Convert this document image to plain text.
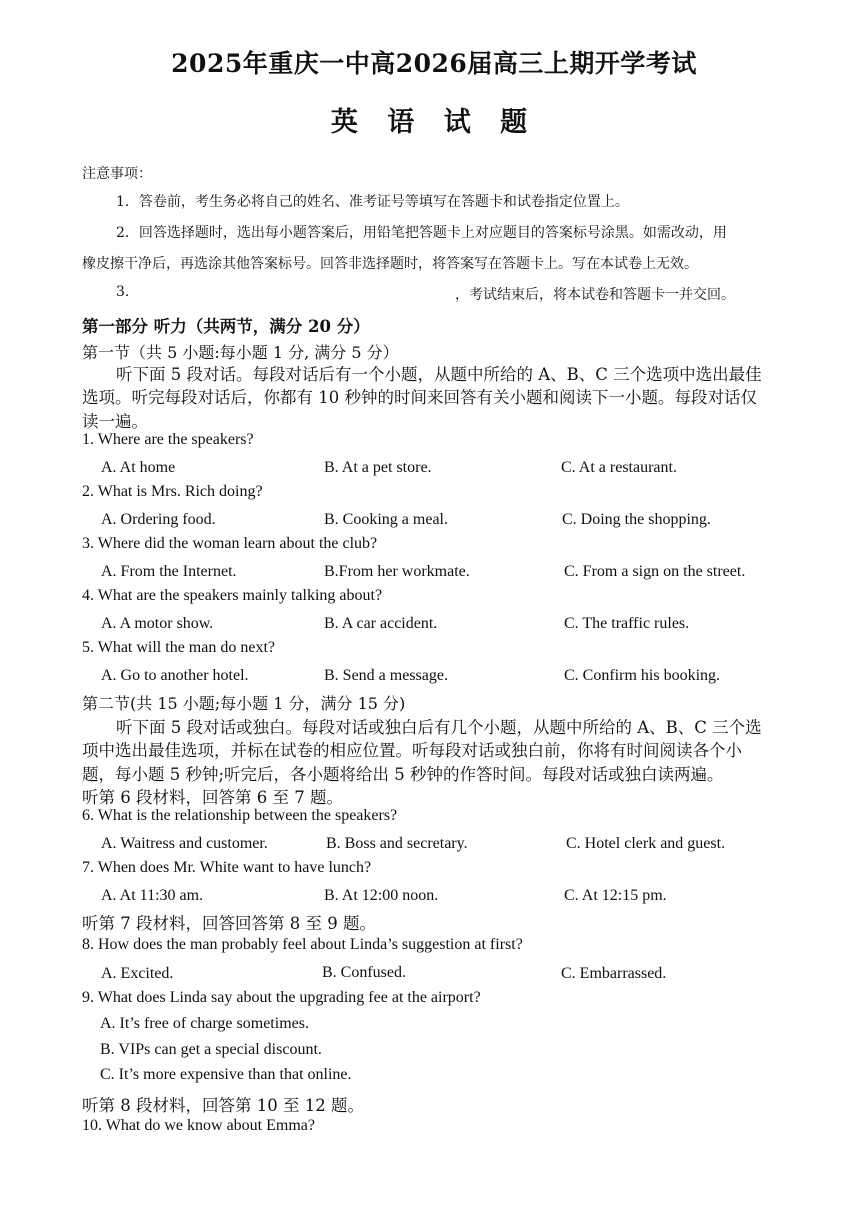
2025年重庆一中高2026届高三上期开学考试
英 语 试 题
注意事项：
1．答卷前，考生务必将自己的姓名、准考证号等填写在答题卡和试卷指定位置上。
2．回答选择题时，选出每小题答案后，用铅笔把答题卡上对应题目的答案标号涂黑。如需改动，用
橡皮擦干净后，再选涂其他答案标号。回答非选择题时，将答案写在答题卡上。写在本试卷上无效。
3.	，考试结束后，将本试卷和答题卡一并交回。
第一部分 听力（共两节，满分 20 分）
第一节（共 5 小题:每小题 1 分, 满分 5 分）
听下面 5 段对话。每段对话后有一个小题，从题中所给的 A、B、C 三个选项中选出最佳
选项。听完每段对话后，你都有 10 秒钟的时间来回答有关小题和阅读下一小题。每段对话仅
读一遍。
1. Where are the speakers?
A. At home	B. At a pet store.	C. At a restaurant.
2. What is Mrs. Rich doing?
A. Ordering food.	B. Cooking a meal.	C. Doing the shopping.
3. Where did the woman learn about the club?
A. From the Internet.	B.From her workmate.	C. From a sign on the street.
4. What are the speakers mainly talking about?
A. A motor show.	B. A car accident.	C. The traffic rules.
5. What will the man do next?
A. Go to another hotel.	B. Send a message.	C. Confirm his booking.
第二节(共 15 小题;每小题 1 分，满分 15 分)
听下面 5 段对话或独白。每段对话或独白后有几个小题，从题中所给的 A、B、C 三个选
项中选出最佳选项，并标在试卷的相应位置。听每段对话或独白前，你将有时间阅读各个小
题，每小题 5 秒钟;听完后，各小题将给出 5 秒钟的作答时间。每段对话或独白读两遍。
听第 6 段材料，回答第 6 至 7 题。
6. What is the relationship between the speakers?
A. Waitress and customer.	B. Boss and secretary.	C. Hotel clerk and guest.
7. When does Mr. White want to have lunch?
A. At 11:30 am.	B. At 12:00 noon.	C. At 12:15 pm.
听第 7 段材料，回答回答第 8 至 9 题。
8. How does the man probably feel about Linda’s suggestion at first?
A. Excited.	B. Confused.	C. Embarrassed.
9. What does Linda say about the upgrading fee at the airport?
A. It’s free of charge sometimes.
B. VIPs can get a special discount.
C. It’s more expensive than that online.
听第 8 段材料，回答第 10 至 12 题。
10. What do we know about Emma?
